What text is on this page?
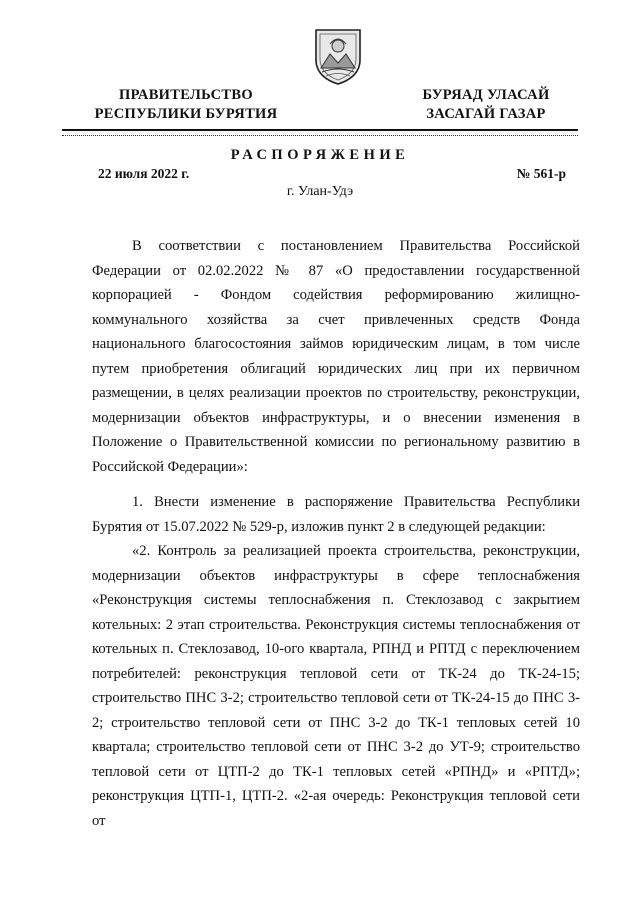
ПРАВИТЕЛЬСТВО
РЕСПУБЛИКИ БУРЯТИЯ
БУРЯАД УЛАСАЙ
ЗАСАГАЙ ГАЗАР
РАСПОРЯЖЕНИЕ
22 июля 2022 г.	№ 561-р
г. Улан-Удэ

В соответствии с постановлением Правительства Российской Федерации от 02.02.2022 № 87 «О предоставлении государственной корпорацией - Фондом содействия реформированию жилищно-коммунального хозяйства за счет привлеченных средств Фонда национального благосостояния займов юридическим лицам, в том числе путем приобретения облигаций юридических лиц при их первичном размещении, в целях реализации проектов по строительству, реконструкции, модернизации объектов инфраструктуры, и о внесении изменения в Положение о Правительственной комиссии по региональному развитию в Российской Федерации»:

1. Внести изменение в распоряжение Правительства Республики Бурятия от 15.07.2022 № 529-р, изложив пункт 2 в следующей редакции:

«2. Контроль за реализацией проекта строительства, реконструкции, модернизации объектов инфраструктуры в сфере теплоснабжения «Реконструкция системы теплоснабжения п. Стеклозавод с закрытием котельных: 2 этап строительства. Реконструкция системы теплоснабжения от котельных п. Стеклозавод, 10-ого квартала, РПНД и РПТД с переключением потребителей: реконструкция тепловой сети от ТК-24 до ТК-24-15; строительство ПНС 3-2; строительство тепловой сети от ТК-24-15 до ПНС 3-2; строительство тепловой сети от ПНС 3-2 до ТК-1 тепловых сетей 10 квартала; строительство тепловой сети от ПНС 3-2 до УТ-9; строительство тепловой сети от ЦТП-2 до ТК-1 тепловых сетей «РПНД» и «РПТД»; реконструкция ЦТП-1, ЦТП-2. «2-ая очередь: Реконструкция тепловой сети от
